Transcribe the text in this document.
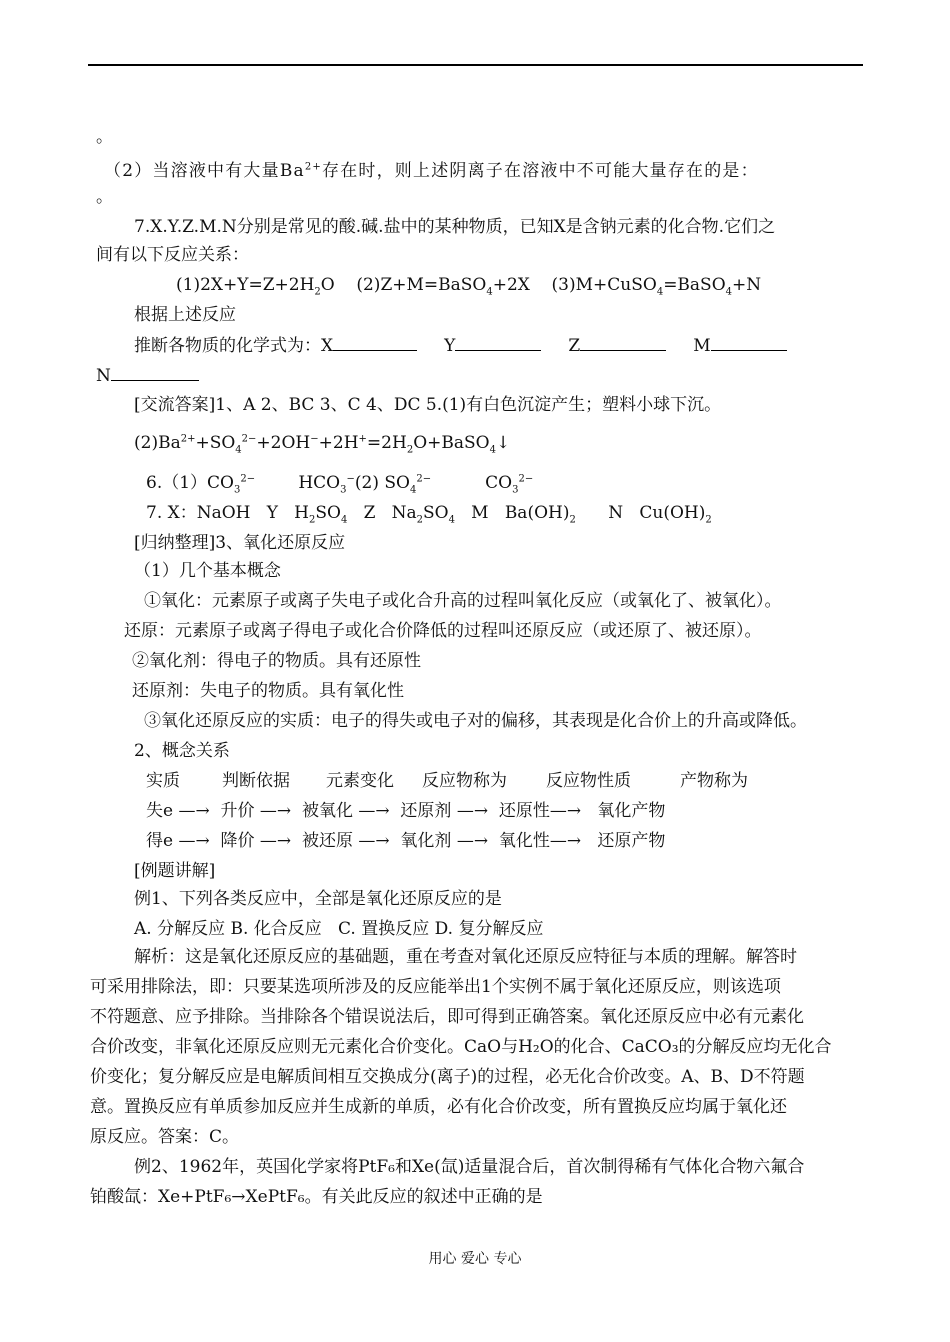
。
（2）当溶液中有大量$Ba^{2+}$存在时，则上述阴离子在溶液中不可能大量存在的是：
。
7.X.Y.Z.M.N分别是常见的酸.碱.盐中的某种物质，已知X是含钠元素的化合物.它们之
间有以下反应关系：
$(1)2X+Y=Z+2H_2O$ (2)Z+M=BaSO$_4$+2X (3)M+CuSO$_4$=BaSO$_4$+N
根据上述反应
推断各物质的化学式为：X	Y	Z	M
N
[交流答案]1、A 2、BC 3、C 4、DC 5.(1)有白色沉淀产生；塑料小球下沉。
$(2)Ba^{2+}+SO_4^{2-}+2OH^-+2H^+=2H_2O+BaSO_4↓$
$6.(1)CO_3^{2-}$	$HCO_3^-(2)$ $SO_4^{2-}$	$CO_3^{2-}$
7. X：NaOH Y $H_2SO_4$ Z $Na_2SO_4$ M $Ba(OH)_2$ N $Cu(OH)_2$
[归纳整理]3、氧化还原反应
（1）几个基本概念
①氧化：元素原子或离子失电子或化合升高的过程叫氧化反应（或氧化了、被氧化）。
还原：元素原子或离子得电子或化合价降低的过程叫还原反应（或还原了、被还原）。
②氧化剂：得电子的物质。具有还原性
还原剂：失电子的物质。具有氧化性
③氧化还原反应的实质：电子的得失或电子对的偏移，其表现是化合价上的升高或降低。
2、概念关系
实质 判断依据 元素变化 反应物称为 反应物性质	产物称为
失e —→  升价 —→  被氧化 —→  还原剂 —→  还原性—→   氧化产物
得e —→  降价 —→  被还原 —→  氧化剂 —→  氧化性—→   还原产物
[例题讲解]
例1、下列各类反应中，全部是氧化还原反应的是
A. 分解反应 B. 化合反应   C. 置换反应 D. 复分解反应
解析：这是氧化还原反应的基础题，重在考查对氧化还原反应特征与本质的理解。解答时
可采用排除法，即：只要某选项所涉及的反应能举出1个实例不属于氧化还原反应，则该选项
不符题意、应予排除。当排除各个错误说法后，即可得到正确答案。氧化还原反应中必有元素化
合价改变，非氧化还原反应则无元素化合价变化。CaO与H₂O的化合、CaCO₃的分解反应均无化合
价变化；复分解反应是电解质间相互交换成分(离子)的过程，必无化合价改变。A、B、D不符题
意。置换反应有单质参加反应并生成新的单质，必有化合价改变，所有置换反应均属于氧化还
原反应。答案：C。
例2、1962年，英国化学家将PtF₆和Xe(氙)适量混合后，首次制得稀有气体化合物六氟合
铂酸氙：Xe+PtF₆→XePtF₆。有关此反应的叙述中正确的是
用心 爱心 专心
